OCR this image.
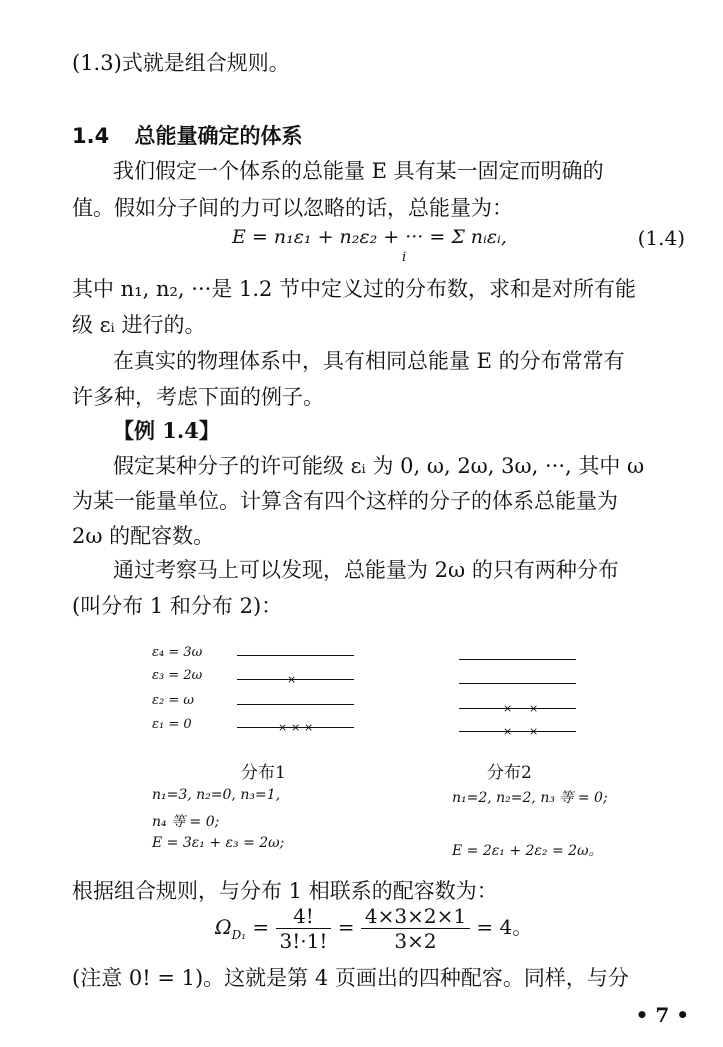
(1.3)式就是组合规则。
1.4 总能量确定的体系
我们假定一个体系的总能量 E 具有某一固定而明确的
值。假如分子间的力可以忽略的话，总能量为：
E = n₁ε₁ + n₂ε₂ + ··· = Σ nᵢεᵢ,
i
(1.4)
其中 n₁, n₂, ···是 1.2 节中定义过的分布数，求和是对所有能
级 εᵢ 进行的。
在真实的物理体系中，具有相同总能量 E 的分布常常有
许多种，考虑下面的例子。
【例 1.4】
假定某种分子的许可能级 εᵢ 为 0, ω, 2ω, 3ω, ···, 其中 ω
为某一能量单位。计算含有四个这样的分子的体系总能量为
2ω 的配容数。
通过考察马上可以发现，总能量为 2ω 的只有两种分布
(叫分布 1 和分布 2)：
ε₄ = 3ω
ε₃ = 2ω
ε₂ = ω
ε₁ = 0
×
× × ×
× ×
× ×
分布1	分布2
n₁=3, n₂=0, n₃=1,
n₄ 等 = 0;
E = 3ε₁ + ε₃ = 2ω;
n₁=2, n₂=2, n₃ 等 = 0;
E = 2ε₁ + 2ε₂ = 2ω。
根据组合规则，与分布 1 相联系的配容数为：
$\Omega_{D_1} = \frac{4!}{3!\cdot 1!} = \frac{4\times 3\times 2\times 1}{3\times 2} = 4$。
(注意 0! = 1)。这就是第 4 页画出的四种配容。同样，与分
• 7 •
